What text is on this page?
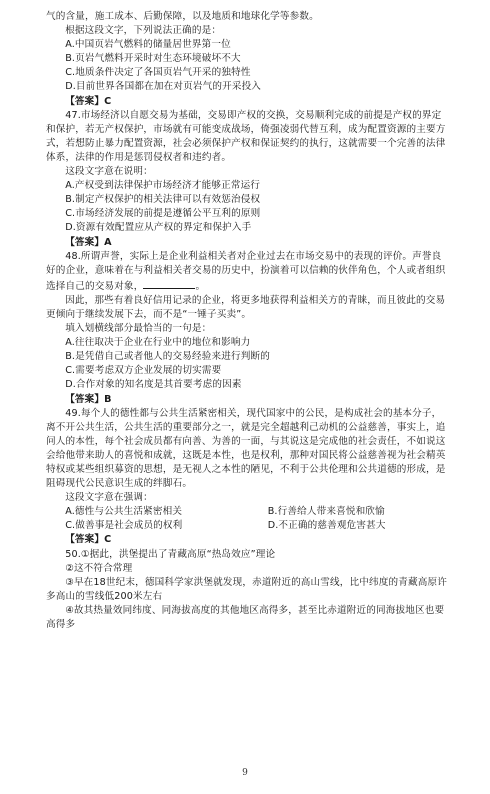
气的含量，施工成本、后勤保障，以及地质和地球化学等参数。

根据这段文字，下列说法正确的是：

A.中国页岩气燃料的储量居世界第一位

B.页岩气燃料开采时对生态环境破坏不大

C.地质条件决定了各国页岩气开采的独特性

D.目前世界各国都在加在对页岩气的开采投入

【答案】C

47.市场经济以自愿交易为基础，交易即产权的交换，交易顺利完成的前提是产权的界定和保护，若无产权保护，市场就有可能变成战场，倚强凌弱代替互利，成为配置资源的主要方式，若想防止暴力配置资源，社会必须保护产权和保证契约的执行，这就需要一个完善的法律体系，法律的作用是惩罚侵权者和违约者。

这段文字意在说明：

A.产权受到法律保护市场经济才能够正常运行

B.制定产权保护的相关法律可以有效惩治侵权

C.市场经济发展的前提是遵循公平互利的原则

D.资源有效配置应从产权的界定和保护入手

【答案】A

48.所谓声誉，实际上是企业利益相关者对企业过去在市场交易中的表现的评价。声誉良好的企业，意味着在与利益相关者交易的历史中，扮演着可以信赖的伙伴角色，个人或者组织选择自己的交易对象，	。

因此，那些有着良好信用记录的企业，将更多地获得利益相关方的青睐，而且彼此的交易更倾向于继续发展下去，而不是“一锤子买卖”。

填入划横线部分最恰当的一句是：

A.往往取决于企业在行业中的地位和影响力

B.是凭借自己或者他人的交易经验来进行判断的

C.需要考虑双方企业发展的切实需要

D.合作对象的知名度是其首要考虑的因素

【答案】B

49.每个人的德性都与公共生活紧密相关，现代国家中的公民，是构成社会的基本分子，离不开公共生活，公共生活的重要部分之一，就是完全超越利己动机的公益慈善，事实上，追问人的本性，每个社会成员都有向善、为善的一面，与其说这是完成他的社会责任，不如说这会给他带来助人的喜悦和成就，这既是本性，也是权利，那种对国民将公益慈善视为社会精英特权或某些组织募资的思想，是无视人之本性的陋见，不利于公共伦理和公共道德的形成，是阻碍现代公民意识生成的绊脚石。

这段文字意在强调：

A.德性与公共生活紧密相关	B.行善给人带来喜悦和欣愉
C.做善事是社会成员的权利	D.不正确的慈善观危害甚大

【答案】C

50.①据此，洪堡提出了青藏高原“热岛效应”理论

②这不符合常理

③早在18世纪末，德国科学家洪堡就发现，赤道附近的高山雪线，比中纬度的青藏高原许多高山的雪线低200米左右

④故其热量效同纬度、同海拔高度的其他地区高得多，甚至比赤道附近的同海拔地区也要高得多

9
